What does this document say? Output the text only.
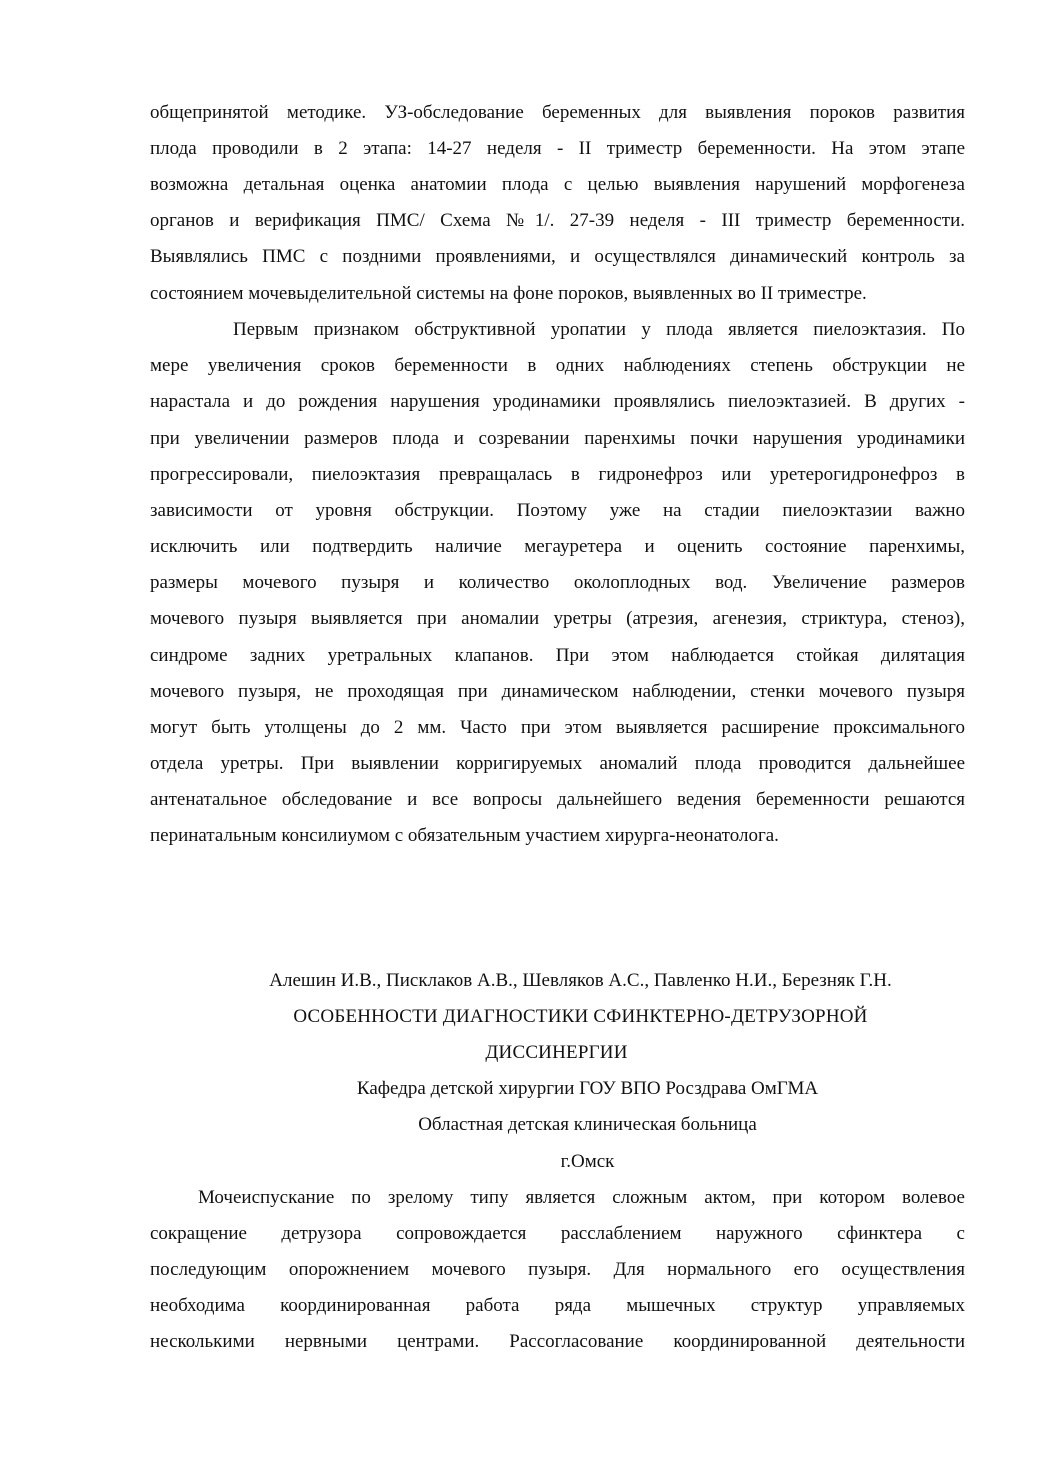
общепринятой методике. УЗ-обследование беременных для выявления пороков развития
плода проводили в 2 этапа: 14-27 неделя - II триместр беременности. На этом этапе
возможна детальная оценка анатомии плода с целью выявления нарушений морфогенеза
органов и верификация ПМС/ Схема №1/. 27-39 неделя - III триместр беременности.
Выявлялись ПМС с поздними проявлениями, и осуществлялся динамический контроль за
состоянием мочевыделительной системы на фоне пороков, выявленных во II триместре.
Первым признаком обструктивной уропатии у плода является пиелоэктазия. По
мере увеличения сроков беременности в одних наблюдениях степень обструкции не
нарастала и до рождения нарушения уродинамики проявлялись пиелоэктазией. В других -
при увеличении размеров плода и созревании паренхимы почки нарушения уродинамики
прогрессировали, пиелоэктазия превращалась в гидронефроз или уретерогидронефроз в
зависимости от уровня обструкции. Поэтому уже на стадии пиелоэктазии важно
исключить или подтвердить наличие мегауретера и оценить состояние паренхимы,
размеры мочевого пузыря и количество околоплодных вод. Увеличение размеров
мочевого пузыря выявляется при аномалии уретры (атрезия, агенезия, стриктура, стеноз),
синдроме задних уретральных клапанов. При этом наблюдается стойкая дилятация
мочевого пузыря, не проходящая при динамическом наблюдении, стенки мочевого пузыря
могут быть утолщены до 2 мм. Часто при этом выявляется расширение проксимального
отдела уретры. При выявлении корригируемых аномалий плода проводится дальнейшее
антенатальное обследование и все вопросы дальнейшего ведения беременности решаются
перинатальным консилиумом с обязательным участием хирурга-неонатолога.
Алешин И.В., Писклаков А.В., Шевляков А.С., Павленко Н.И., Березняк Г.Н.
ОСОБЕННОСТИ ДИАГНОСТИКИ СФИНКТЕРНО-ДЕТРУЗОРНОЙ
ДИССИНЕРГИИ
Кафедра детской хирургии ГОУ ВПО Росздрава ОмГМА
Областная детская клиническая больница
г.Омск
Мочеиспускание по зрелому типу является сложным актом, при котором волевое
сокращение детрузора сопровождается расслаблением наружного сфинктера с
последующим опорожнением мочевого пузыря. Для нормального его осуществления
необходима координированная работа ряда мышечных структур управляемых
несколькими нервными центрами. Рассогласование координированной деятельности
